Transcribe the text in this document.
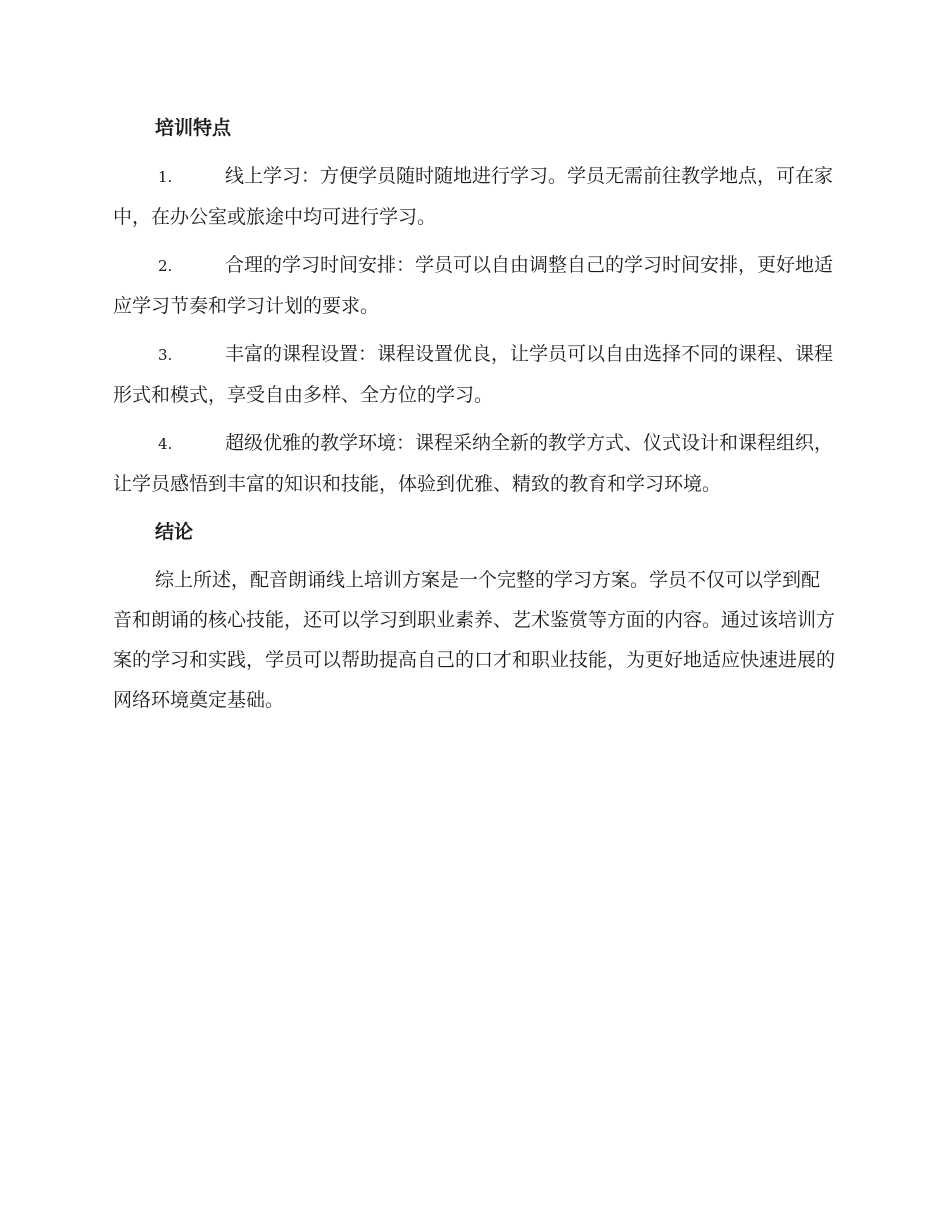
培训特点
1.	线上学习：方便学员随时随地进行学习。学员无需前往教学地点，可在家中，在办公室或旅途中均可进行学习。
2.	合理的学习时间安排：学员可以自由调整自己的学习时间安排，更好地适应学习节奏和学习计划的要求。
3.	丰富的课程设置：课程设置优良，让学员可以自由选择不同的课程、课程形式和模式，享受自由多样、全方位的学习。
4.	超级优雅的教学环境：课程采纳全新的教学方式、仪式设计和课程组织，让学员感悟到丰富的知识和技能，体验到优雅、精致的教育和学习环境。
结论

综上所述，配音朗诵线上培训方案是一个完整的学习方案。学员不仅可以学到配音和朗诵的核心技能，还可以学习到职业素养、艺术鉴赏等方面的内容。通过该培训方案的学习和实践，学员可以帮助提高自己的口才和职业技能，为更好地适应快速进展的网络环境奠定基础。
